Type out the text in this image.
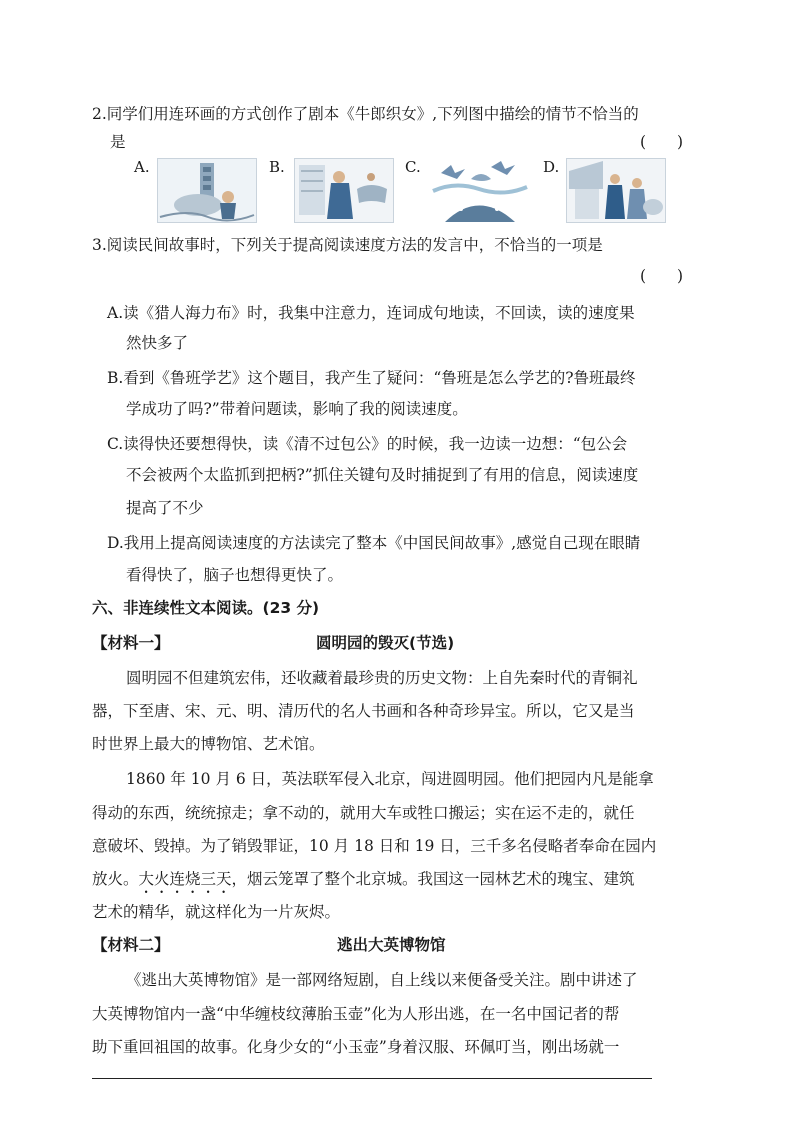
2.同学们用连环画的方式创作了剧本《牛郎织女》,下列图中描绘的情节不恰当的
是	(　　)
A.	B.	C.	D.
3.阅读民间故事时，下列关于提高阅读速度方法的发言中，不恰当的一项是
(　　)
A.读《猎人海力布》时，我集中注意力，连词成句地读，不回读，读的速度果
然快多了
B.看到《鲁班学艺》这个题目，我产生了疑问：“鲁班是怎么学艺的?鲁班最终
学成功了吗?”带着问题读，影响了我的阅读速度。
C.读得快还要想得快，读《清不过包公》的时候，我一边读一边想：“包公会
不会被两个太监抓到把柄?”抓住关键句及时捕捉到了有用的信息，阅读速度
提高了不少
D.我用上提高阅读速度的方法读完了整本《中国民间故事》,感觉自己现在眼睛
看得快了，脑子也想得更快了。
六、非连续性文本阅读。(23 分)
【材料一】	圆明园的毁灭(节选)
圆明园不但建筑宏伟，还收藏着最珍贵的历史文物：上自先秦时代的青铜礼
器，下至唐、宋、元、明、清历代的名人书画和各种奇珍异宝。所以，它又是当
时世界上最大的博物馆、艺术馆。
1860 年 10 月 6 日，英法联军侵入北京，闯进圆明园。他们把园内凡是能拿
得动的东西，统统掠走；拿不动的，就用大车或牲口搬运；实在运不走的，就任
意破坏、毁掉。为了销毁罪证，10 月 18 日和 19 日，三千多名侵略者奉命在园内
放火。大火连烧三天，烟云笼罩了整个北京城。我国这一园林艺术的瑰宝、建筑
艺术的精华，就这样化为一片灰烬。
【材料二】	逃出大英博物馆
《逃出大英博物馆》是一部网络短剧，自上线以来便备受关注。剧中讲述了
大英博物馆内一盏“中华缠枝纹薄胎玉壶”化为人形出逃，在一名中国记者的帮
助下重回祖国的故事。化身少女的“小玉壶”身着汉服、环佩叮当，刚出场就一
